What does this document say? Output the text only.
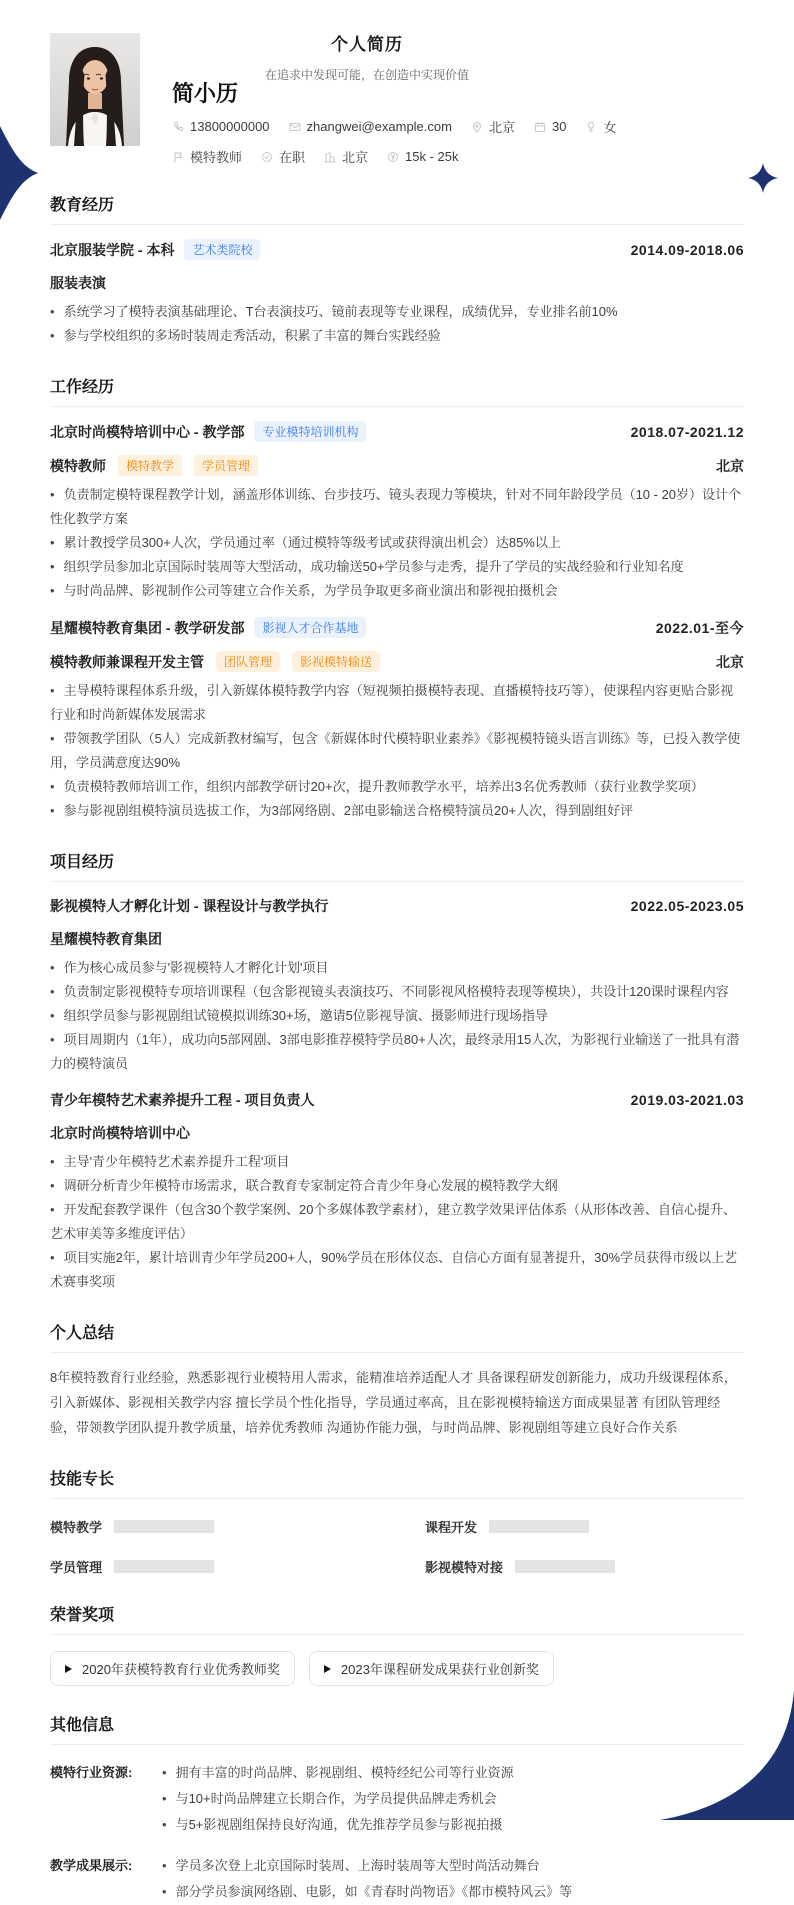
个人简历
在追求中发现可能，在创造中实现价值
简小历
13800000000	zhangwei@example.com	北京	30	女
模特教师	在职	北京	15k - 25k
教育经历
北京服装学院 - 本科	艺术类院校	2014.09-2018.06
服装表演
• 系统学习了模特表演基础理论、T台表演技巧、镜前表现等专业课程，成绩优异，专业排名前10%
• 参与学校组织的多场时装周走秀活动，积累了丰富的舞台实践经验
工作经历
北京时尚模特培训中心 - 教学部	专业模特培训机构	2018.07-2021.12
模特教师	模特教学	学员管理	北京
• 负责制定模特课程教学计划，涵盖形体训练、台步技巧、镜头表现力等模块，针对不同年龄段学员（10 - 20岁）设计个性化教学方案
• 累计教授学员300+人次，学员通过率（通过模特等级考试或获得演出机会）达85%以上
• 组织学员参加北京国际时装周等大型活动，成功输送50+学员参与走秀，提升了学员的实战经验和行业知名度
• 与时尚品牌、影视制作公司等建立合作关系，为学员争取更多商业演出和影视拍摄机会
星耀模特教育集团 - 教学研发部	影视人才合作基地	2022.01-至今
模特教师兼课程开发主管	团队管理	影视模特输送	北京
• 主导模特课程体系升级，引入新媒体模特教学内容（短视频拍摄模特表现、直播模特技巧等），使课程内容更贴合影视行业和时尚新媒体发展需求
• 带领教学团队（5人）完成新教材编写，包含《新媒体时代模特职业素养》《影视模特镜头语言训练》等，已投入教学使用，学员满意度达90%
• 负责模特教师培训工作，组织内部教学研讨20+次，提升教师教学水平，培养出3名优秀教师（获行业教学奖项）
• 参与影视剧组模特演员选拔工作，为3部网络剧、2部电影输送合格模特演员20+人次，得到剧组好评
项目经历
影视模特人才孵化计划 - 课程设计与教学执行	2022.05-2023.05
星耀模特教育集团
• 作为核心成员参与'影视模特人才孵化计划'项目
• 负责制定影视模特专项培训课程（包含影视镜头表演技巧、不同影视风格模特表现等模块），共设计120课时课程内容
• 组织学员参与影视剧组试镜模拟训练30+场，邀请5位影视导演、摄影师进行现场指导
• 项目周期内（1年），成功向5部网剧、3部电影推荐模特学员80+人次，最终录用15人次，为影视行业输送了一批具有潜力的模特演员
青少年模特艺术素养提升工程 - 项目负责人	2019.03-2021.03
北京时尚模特培训中心
• 主导'青少年模特艺术素养提升工程'项目
• 调研分析青少年模特市场需求，联合教育专家制定符合青少年身心发展的模特教学大纲
• 开发配套教学课件（包含30个教学案例、20个多媒体教学素材），建立教学效果评估体系（从形体改善、自信心提升、艺术审美等多维度评估）
• 项目实施2年，累计培训青少年学员200+人，90%学员在形体仪态、自信心方面有显著提升，30%学员获得市级以上艺术赛事奖项
个人总结
8年模特教育行业经验，熟悉影视行业模特用人需求，能精准培养适配人才 具备课程研发创新能力，成功升级课程体系，引入新媒体、影视相关教学内容 擅长学员个性化指导，学员通过率高，且在影视模特输送方面成果显著 有团队管理经验，带领教学团队提升教学质量，培养优秀教师 沟通协作能力强，与时尚品牌、影视剧组等建立良好合作关系
技能专长
模特教学	课程开发
学员管理	影视模特对接
荣誉奖项
2020年获模特教育行业优秀教师奖	2023年课程研发成果获行业创新奖
其他信息
模特行业资源:	• 拥有丰富的时尚品牌、影视剧组、模特经纪公司等行业资源
• 与10+时尚品牌建立长期合作，为学员提供品牌走秀机会
• 与5+影视剧组保持良好沟通，优先推荐学员参与影视拍摄
教学成果展示:	• 学员多次登上北京国际时装周、上海时装周等大型时尚活动舞台
• 部分学员参演网络剧、电影，如《青春时尚物语》《都市模特风云》等
